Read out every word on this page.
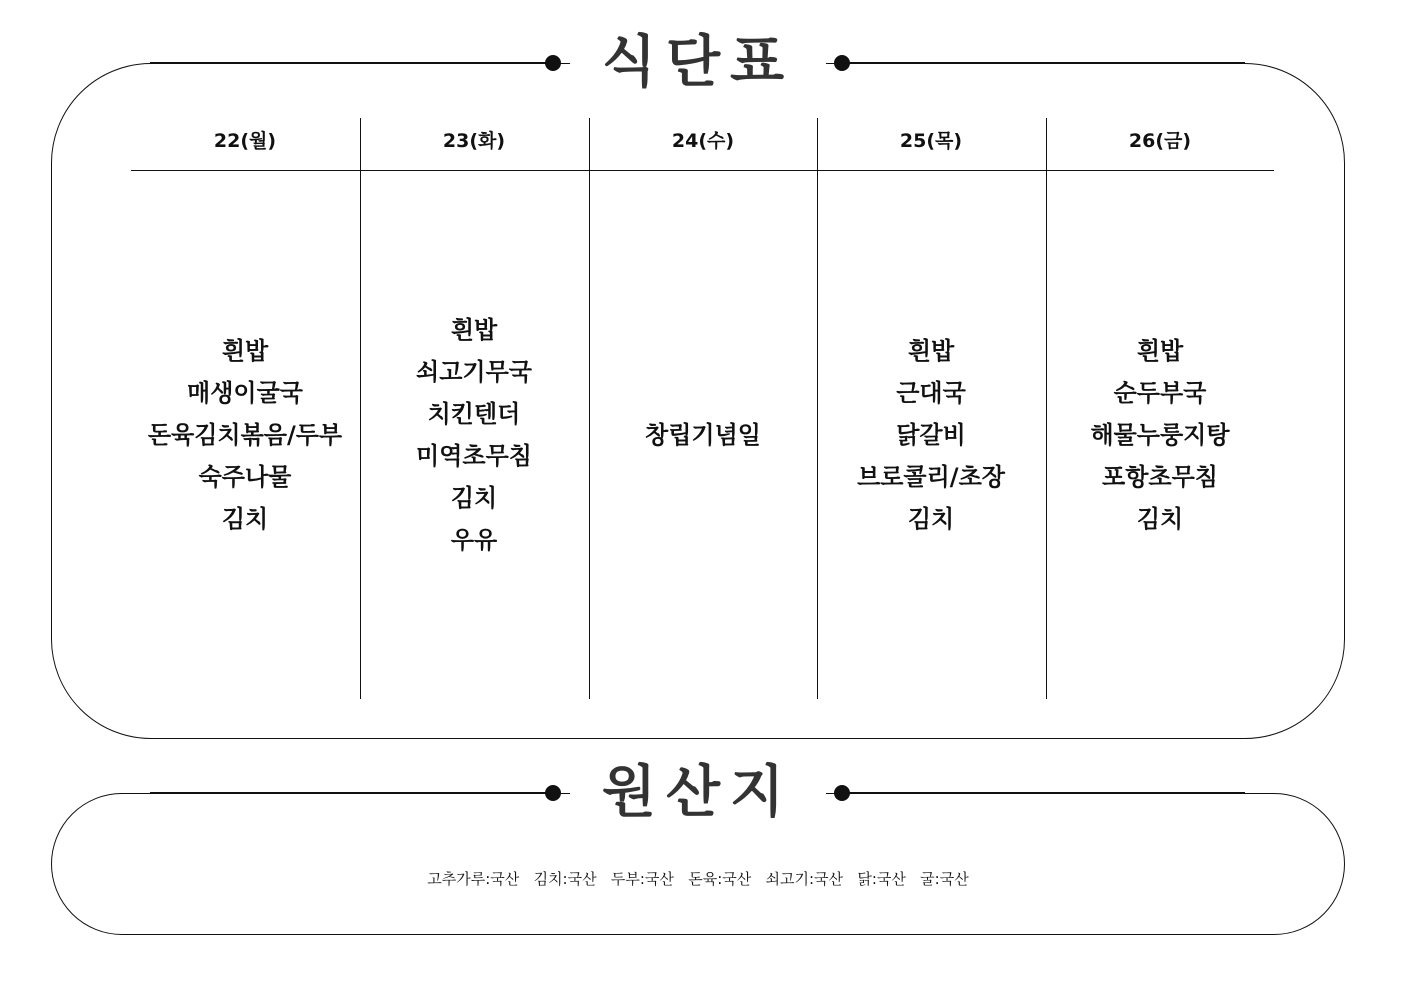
식단표
22(월)
흰밥
매생이굴국
돈육김치볶음/두부
숙주나물
김치
23(화)
흰밥
쇠고기무국
치킨텐더
미역초무침
김치
우유
24(수)
창립기념일
25(목)
흰밥
근대국
닭갈비
브로콜리/초장
김치
26(금)
흰밥
순두부국
해물누룽지탕
포항초무침
김치
원산지
고추가루:국산   김치:국산   두부:국산   돈육:국산   쇠고기:국산   닭:국산   굴:국산
